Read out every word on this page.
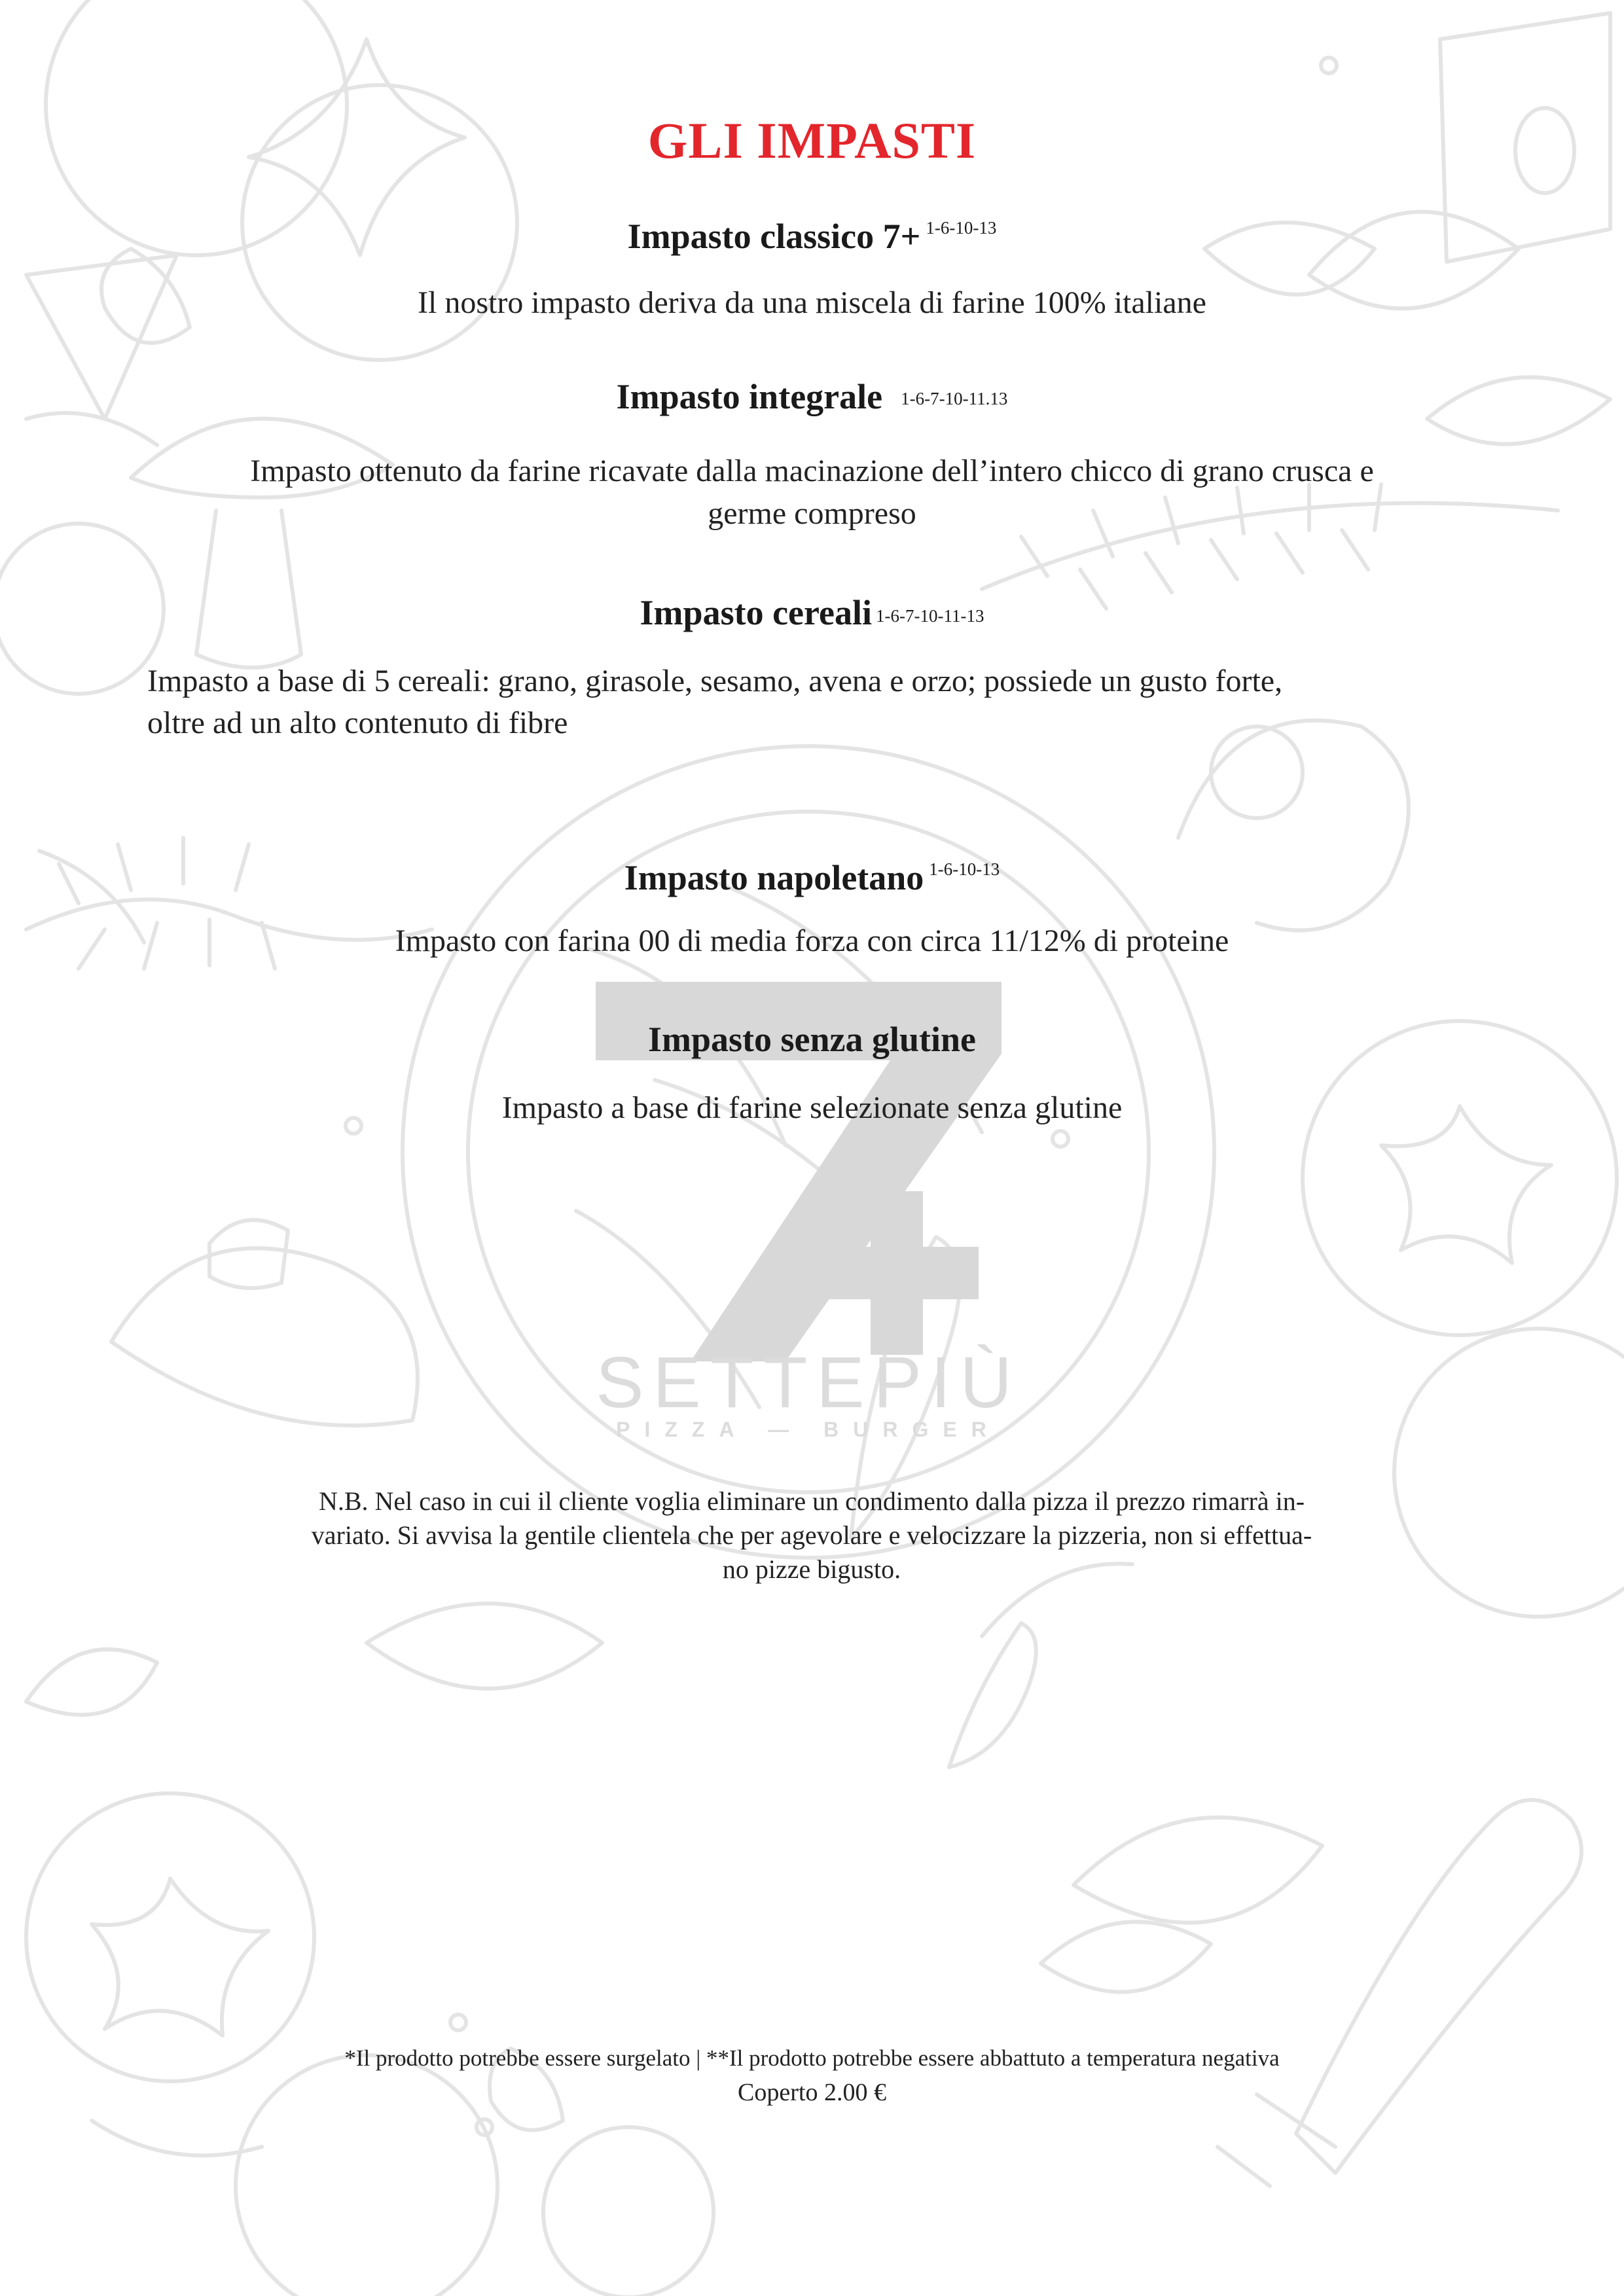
SETTEPIÙ
PIZZA — BURGER
GLI IMPASTI
Impasto classico 7+ 1-6-10-13
Il nostro impasto deriva da una miscela di farine 100% italiane
Impasto integrale 1-6-7-10-11.13
Impasto ottenuto da farine ricavate dalla macinazione dell’intero chicco di grano crusca e
germe compreso
Impasto cereali 1-6-7-10-11-13
Impasto a base di 5 cereali: grano, girasole, sesamo, avena e orzo; possiede un gusto forte,
oltre ad un alto contenuto di fibre
Impasto napoletano 1-6-10-13
Impasto con farina 00 di media forza con circa 11/12% di proteine
Impasto senza glutine
Impasto a base di farine selezionate senza glutine
N.B. Nel caso in cui il cliente voglia eliminare un condimento dalla pizza il prezzo rimarrà in-
variato. Si avvisa la gentile clientela che per agevolare e velocizzare la pizzeria, non si effettua-
no pizze bigusto.
*Il prodotto potrebbe essere surgelato | **Il prodotto potrebbe essere abbattuto a temperatura negativa
Coperto 2.00 €
